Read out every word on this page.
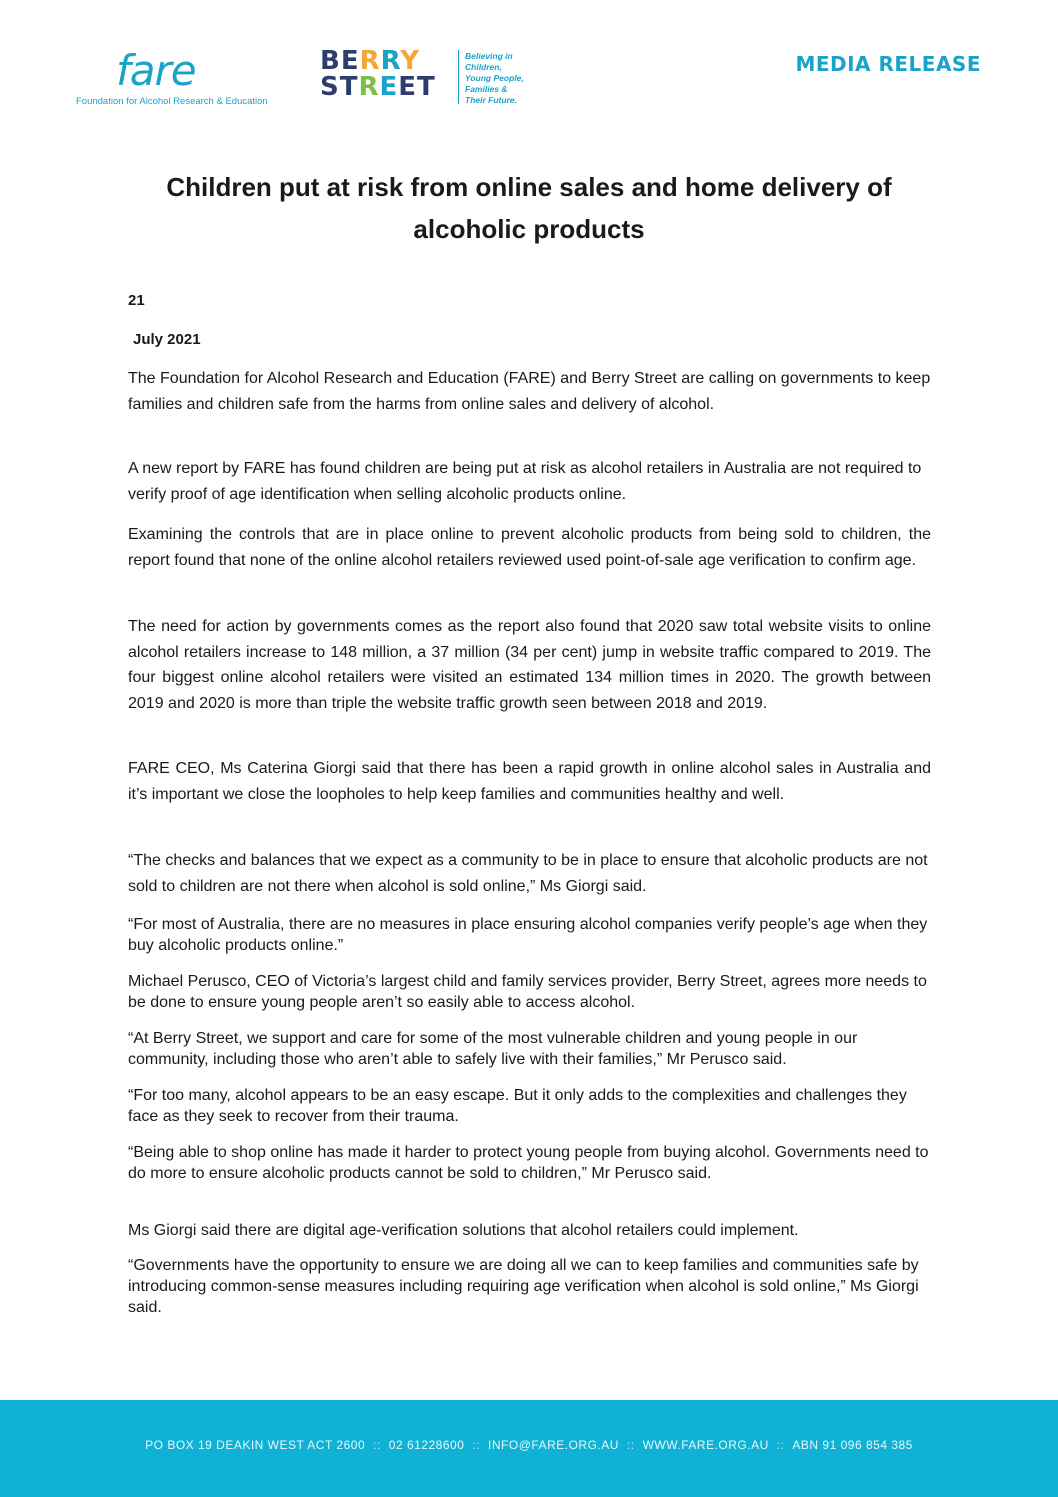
fare
Foundation for Alcohol Research & Education
BERRY
STREET
Believing in
Children,
Young People,
Families &
Their Future.
MEDIA RELEASE
Children put at risk from online sales and home delivery of alcoholic products
21
July 2021

The Foundation for Alcohol Research and Education (FARE) and Berry Street are calling on governments to keep families and children safe from the harms from online sales and delivery of alcohol.

A new report by FARE has found children are being put at risk as alcohol retailers in Australia are not required to verify proof of age identification when selling alcoholic products online.

Examining the controls that are in place online to prevent alcoholic products from being sold to children, the report found that none of the online alcohol retailers reviewed used point-of-sale age verification to confirm age.

The need for action by governments comes as the report also found that 2020 saw total website visits to online alcohol retailers increase to 148 million, a 37 million (34 per cent) jump in website traffic compared to 2019. The four biggest online alcohol retailers were visited an estimated 134 million times in 2020. The growth between 2019 and 2020 is more than triple the website traffic growth seen between 2018 and 2019.

FARE CEO, Ms Caterina Giorgi said that there has been a rapid growth in online alcohol sales in Australia and it’s important we close the loopholes to help keep families and communities healthy and well.

“The checks and balances that we expect as a community to be in place to ensure that alcoholic products are not sold to children are not there when alcohol is sold online,” Ms Giorgi said.

“For most of Australia, there are no measures in place ensuring alcohol companies verify people’s age when they buy alcoholic products online.”

Michael Perusco, CEO of Victoria’s largest child and family services provider, Berry Street, agrees more needs to be done to ensure young people aren’t so easily able to access alcohol.

“At Berry Street, we support and care for some of the most vulnerable children and young people in our community, including those who aren’t able to safely live with their families,” Mr Perusco said.

“For too many, alcohol appears to be an easy escape. But it only adds to the complexities and challenges they face as they seek to recover from their trauma.

“Being able to shop online has made it harder to protect young people from buying alcohol. Governments need to do more to ensure alcoholic products cannot be sold to children,” Mr Perusco said.

Ms Giorgi said there are digital age-verification solutions that alcohol retailers could implement.

“Governments have the opportunity to ensure we are doing all we can to keep families and communities safe by introducing common-sense measures including requiring age verification when alcohol is sold online,” Ms Giorgi said.

PO BOX 19 DEAKIN WEST ACT 2600 :: 02 61228600 :: INFO@FARE.ORG.AU :: WWW.FARE.ORG.AU :: ABN 91 096 854 385
